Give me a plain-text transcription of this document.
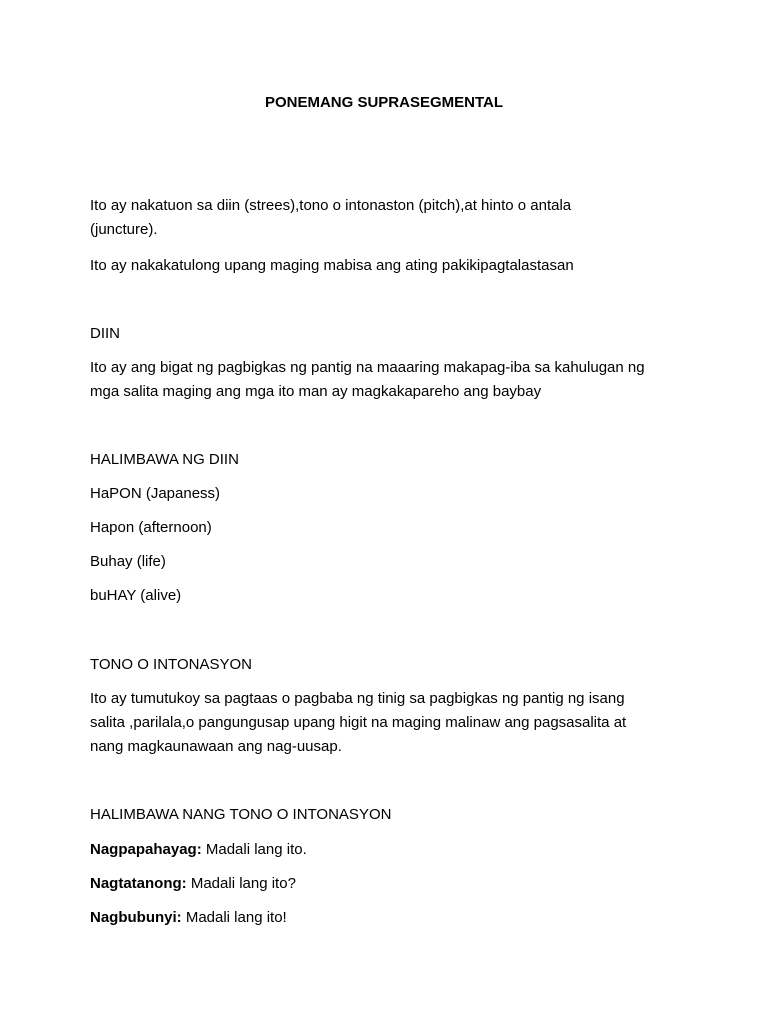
PONEMANG SUPRASEGMENTAL
Ito ay nakatuon sa diin (strees),tono o intonaston (pitch),at hinto o antala
(juncture).
Ito ay nakakatulong upang maging mabisa ang ating pakikipagtalastasan
DIIN
Ito ay ang bigat ng pagbigkas ng pantig na maaaring makapag-iba sa kahulugan ng
mga salita maging ang mga ito man ay magkakapareho ang baybay
HALIMBAWA NG DIIN
HaPON (Japaness)
Hapon (afternoon)
Buhay (life)
buHAY (alive)
TONO O INTONASYON
Ito ay tumutukoy sa pagtaas o pagbaba ng tinig sa pagbigkas ng pantig ng isang
salita ,parilala,o pangungusap upang higit na maging malinaw ang pagsasalita at
nang magkaunawaan ang nag-uusap.
HALIMBAWA NANG TONO O INTONASYON
Nagpapahayag: Madali lang ito.
Nagtatanong: Madali lang ito?
Nagbubunyi: Madali lang ito!
